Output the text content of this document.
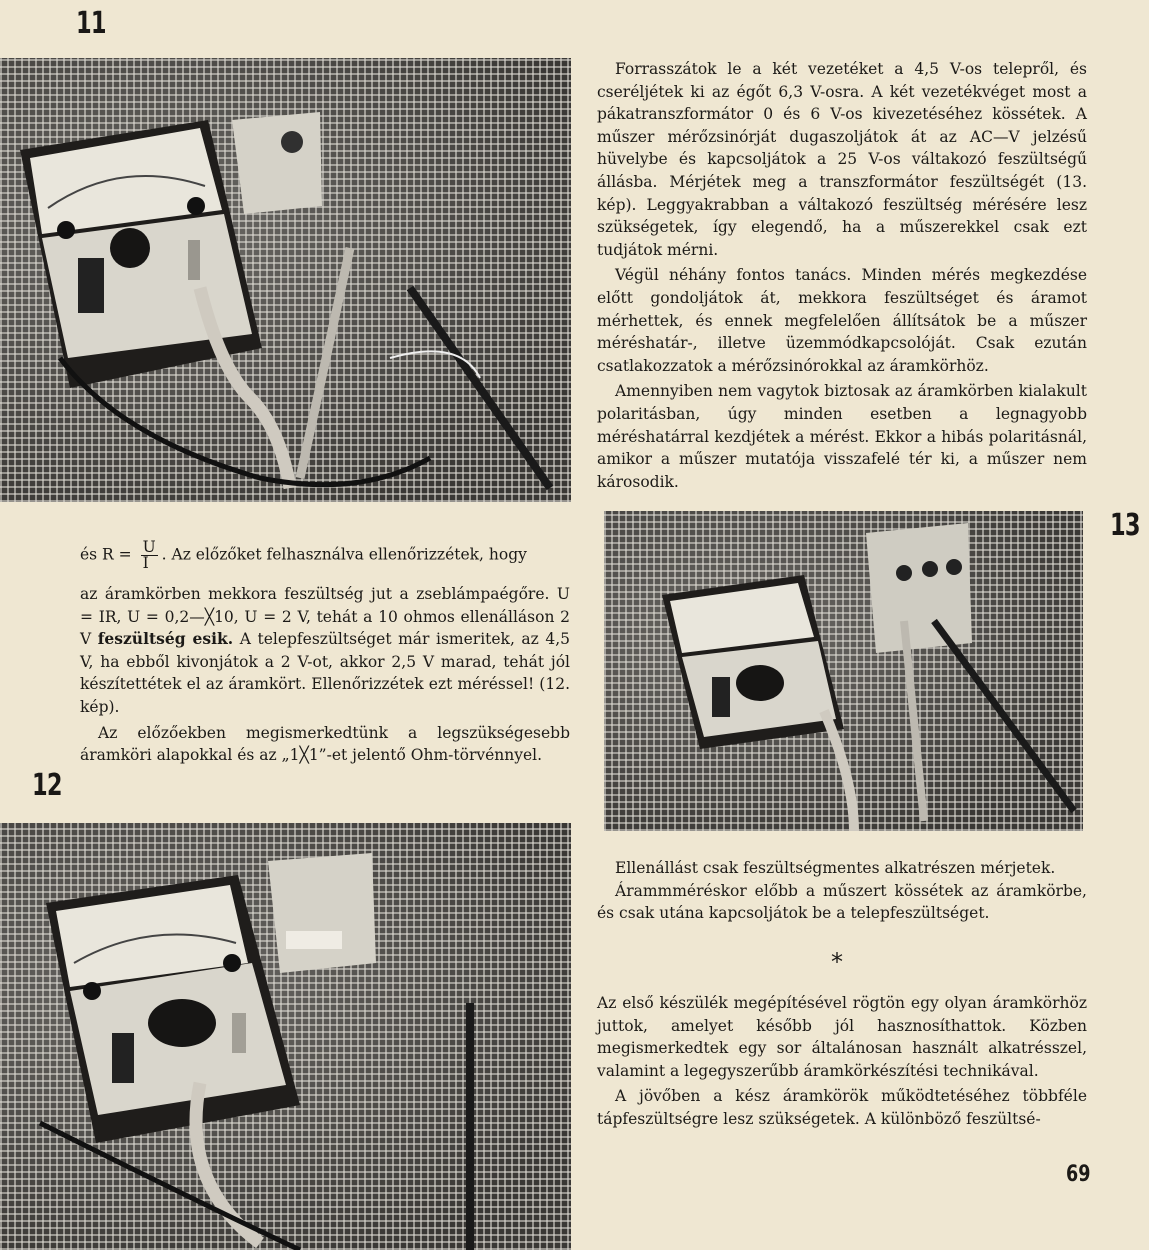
11
12
13

Forrasszátok le a két vezetéket a 4,5 V-os telepről, és cseréljétek ki az égőt 6,3 V-osra. A két vezetékvéget most a pákatranszformátor 0 és 6 V-os kivezetéséhez kössétek. A műszer mérőzsinórját dugaszoljátok át az AC—V jelzésű hüvelybe és kapcsoljátok a 25 V-os váltakozó feszültségű állásba. Mérjétek meg a transzformátor feszültségét (13. kép). Leggyakrabban a váltakozó feszültség mérésére lesz szükségetek, így elegendő, ha a műszerekkel csak ezt tudjátok mérni.

Végül néhány fontos tanács. Minden mérés megkezdése előtt gondoljátok át, mekkora feszültséget és áramot mérhettek, és ennek megfelelően állítsátok be a műszer méréshatár-, illetve üzemmódkapcsolóját. Csak ezután csatlakozzatok a mérőzsinórokkal az áramkörhöz.

Amennyiben nem vagytok biztosak az áramkörben kialakult polaritásban, úgy minden esetben a legnagyobb méréshatárral kezdjétek a mérést. Ekkor a hibás polaritásnál, amikor a műszer mutatója visszafelé tér ki, a műszer nem károsodik.

és $R = \frac{U}{I}$ . Az előzőket felhasználva ellenőrizzétek, hogy

az áramkörben mekkora feszültség jut a zseblámpaégőre. U = IR, U = 0,2—╳10, U = 2 V, tehát a 10 ohmos ellenálláson 2 V feszültség esik. A telepfeszültséget már ismeritek, az 4,5 V, ha ebből kivonjátok a 2 V-ot, akkor 2,5 V marad, tehát jól készítettétek el az áramkört. Ellenőrizzétek ezt méréssel! (12. kép).

Az előzőekben megismerkedtünk a legszükségesebb áramköri alapokkal és az „1╳1”-et jelentő Ohm-törvénnyel.

Ellenállást csak feszültségmentes alkatrészen mérjetek.

Árammméréskor előbb a műszert kössétek az áramkörbe, és csak utána kapcsoljátok be a telepfeszültséget.

*

Az első készülék megépítésével rögtön egy olyan áramkörhöz juttok, amelyet később jól hasznosíthattok. Közben megismerkedtek egy sor általánosan használt alkatrésszel, valamint a legegyszerűbb áramkörkészítési technikával.

A jövőben a kész áramkörök működtetéséhez többféle tápfeszültségre lesz szükségetek. A különböző feszültsé-

69
